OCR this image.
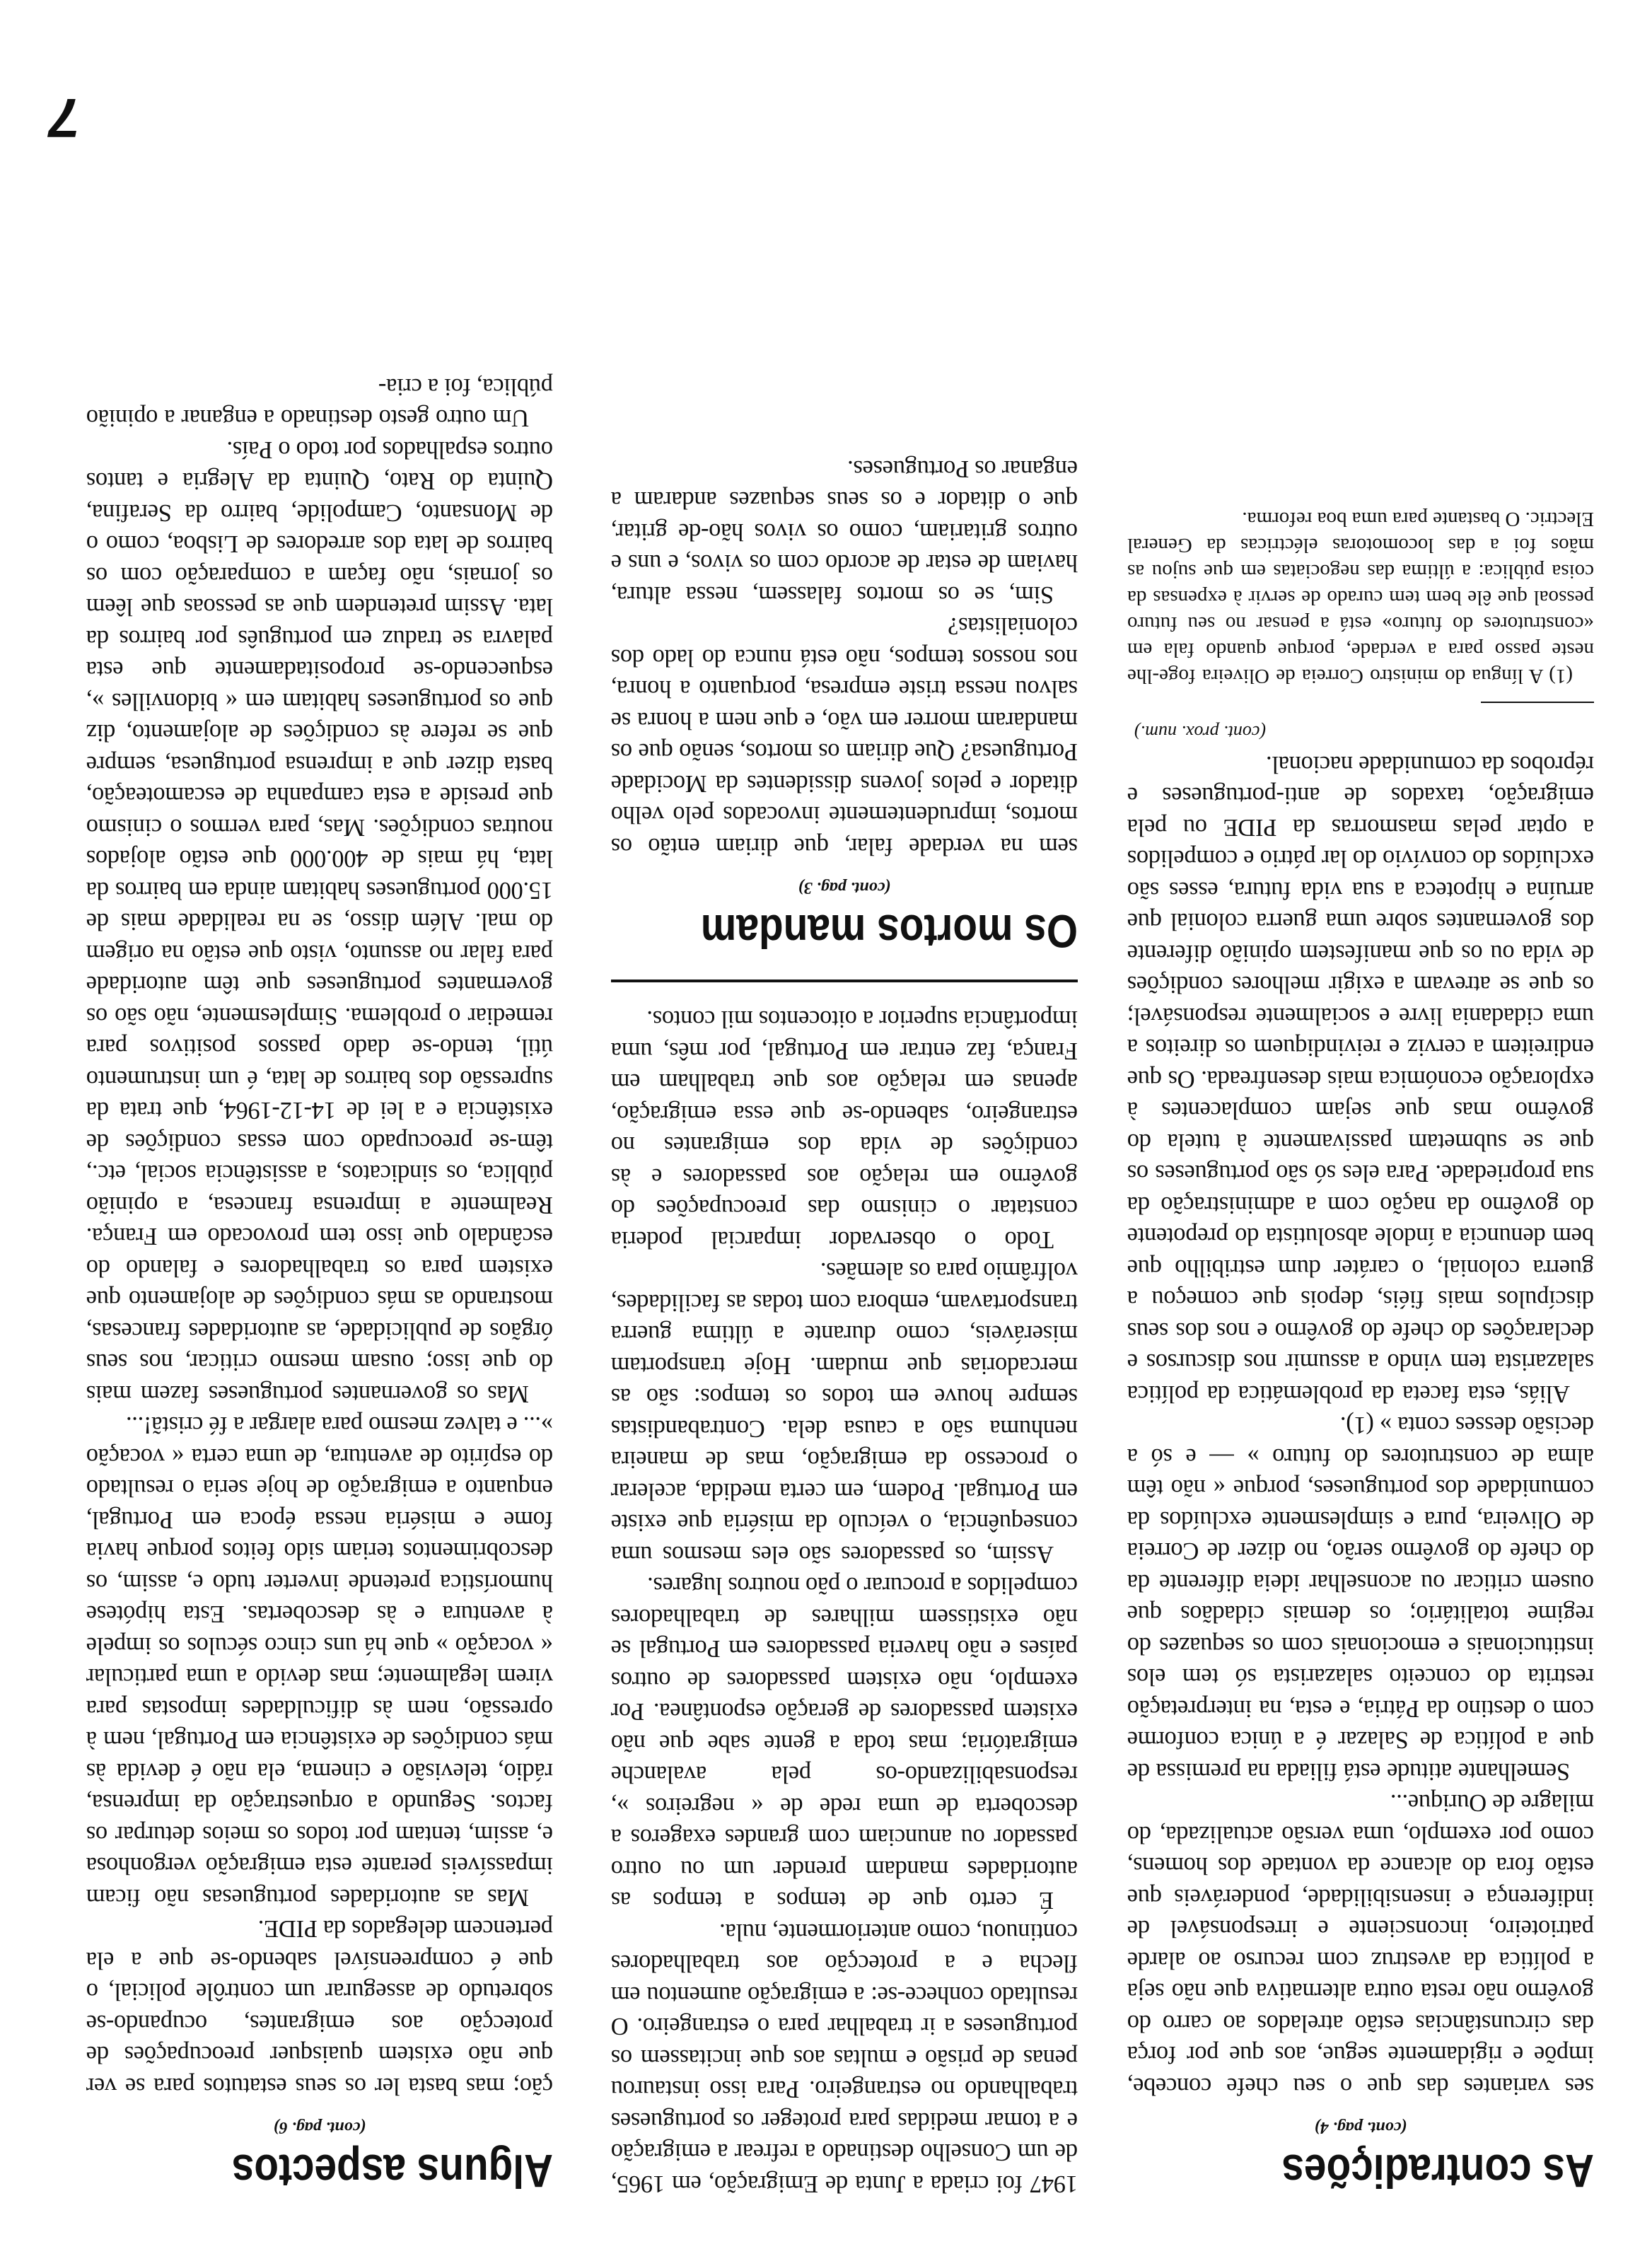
7
As contradições
(cont. pag. 4)

ses variantes das que o seu chefe concebe, impõe e rigidamente segue, aos que por força das circunstâncias estão atrelados ao carro do govêrno não resta outra alternativa que não seja a política da avestruz com recurso ao alarde patrioteiro, inconsciente e irresponsável de indiferença e insensibilidade, ponderáveis que estão fora do alcance da vontade dos homens, como por exemplo, uma versão actualizada, do milagre de Ourique...

Semelhante atitude está filiada na premissa de que a política de Salazar é a única conforme com o destino da Pátria, e esta, na interpretação restrita do conceito salazarista só tem elos institucionais e emocionais com os sequazes do regime totalitário; os demais cidadãos que ousem criticar ou aconselhar ideia diferente da do chefe do govêrno serão, no dizer de Correia de Oliveira, pura e simplesmente excluídos da comunidade dos portugueses, porque « não têm alma de construtores do futuro » — e só a decisão desses conta » (1).

Aliás, esta faceta da problemática da política salazarista tem vindo a assumir nos discursos e declarações do chefe do govêrno e nos dos seus discípulos mais fiéis, depois que começou a guerra colonial, o caráter dum estribilho que bem denuncia a índole absolutista do prepotente do govêrno da nação com a administração da sua propriedade. Para eles só são portugueses os que se submetam passivamente à tutela do govêrno mas que sejam complacentes à exploração económica mais desenfreada. Os que endireitem a cerviz e reivindiquem os direitos a uma cidadania livre e socialmente responsável; os que se atrevam a exigir melhores condições de vida ou os que manifestem opinião diferente dos governantes sobre uma guerra colonial que arruína e hipoteca a sua vida futura, esses são excluídos do convívio do lar pátrio e compelidos a optar pelas masmorras da PIDE ou pela emigração, taxados de anti-portugueses e réprobos da comunidade nacional.

(cont. prox. num.)

(1) A língua do ministro Correia de Oliveira foge-lhe neste passo para a verdade, porque quando fala em «construtores do futuro» está a pensar no seu futuro pessoal que êle bem tem curado de servir à expensas da coisa pública: a última das negociatas em que sujou as mãos foi a das locomotoras eléctricas da General Electric. O bastante para uma boa reforma.

1947 foi criada a Junta de Emigração, em 1965, de um Conselho destinado a refrear a emigração e a tomar medidas para proteger os portugueses trabalhando no estrangeiro. Para isso instaurou penas de prisão e multas aos que incitassem os portugueses a ir trabalhar para o estrangeiro. O resultado conhece-se: a emigração aumentou em flecha e a protecção aos trabalhadores continuou, como anteriormente, nula.

É certo que de tempos a tempos as autoridades mandam prender um ou outro passador ou anunciam com grandes exageros a descoberta de uma rede de « negreiros », responsabilizando-os pela avalanche emigratória; mas toda a gente sabe que não existem passadores de geração espontânea. Por exemplo, não existem passadores de outros países e não haveria passadores em Portugal se não existissem milhares de trabalhadores compelidos a procurar o pão noutros lugares.

Assim, os passadores são eles mesmos uma consequência, o veículo da miséria que existe em Portugal. Podem, em certa medida, acelerar o processo da emigração, mas de maneira nenhuma são a causa dela. Contrabandistas sempre houve em todos os tempos: são as mercadorias que mudam. Hoje transportam miseráveis, como durante a última guerra transportavam, embora com todas as facilidades, volfrâmio para os alemães.

Todo o observador imparcial poderia constatar o cinismo das preocupações do govêrno em relação aos passadores e às condições de vida dos emigrantes no estrangeiro, sabendo-se que essa emigração, apenas em relação aos que trabalham em França, faz entrar em Portugal, por mês, uma importância superior a oitocentos mil contos.

Os mortos mandam
(cont. pag. 3)

sem na verdade falar, que diriam então os mortos, imprudentemente invocados pelo velho ditador e pelos jovens dissidentes da Mocidade Portuguesa? Que diriam os mortos, senão que os mandaram morrer em vão, e que nem a honra se salvou nessa triste empresa, porquanto a honra, nos nossos tempos, não está nunca do lado dos colonialistas?

Sim, se os mortos falassem, nessa altura, haviam de estar de acordo com os vivos, e uns e outros gritariam, como os vivos hão-de gritar, que o ditador e os seus sequazes andaram a enganar os Portugueses.

Alguns aspectos
(cont. pag. 6)

ção; mas basta ler os seus estatutos para se ver que não existem quaisquer preocupações de protecção aos emigrantes, ocupando-se sobretudo de assegurar um contrôle policial, o que é compreensível sabendo-se que a ela pertencem delegados da PIDE.

Mas as autoridades portuguesas não ficam impassíveis perante esta emigração vergonhosa e, assim, tentam por todos os meios deturpar os factos. Segundo a orquestração da imprensa, rádio, televisão e cinema, ela não é devida às más condições de existência em Portugal, nem à opressão, nem às dificuldades impostas para virem legalmente; mas devido a uma particular « vocação » que há uns cinco séculos os impele à aventura e às descobertas. Esta hipótese humorística pretende inverter tudo e, assim, os descobrimentos teriam sido feitos porque havia fome e miséria nessa época em Portugal, enquanto a emigração de hoje seria o resultado do espírito de aventura, de uma certa « vocação »... e talvez mesmo para alargar a fé cristã!...

Mas os governantes portugueses fazem mais do que isso; ousam mesmo criticar, nos seus órgãos de publicidade, as autoridades francesas, mostrando as más condições de alojamento que existem para os trabalhadores e falando do escândalo que isso tem provocado em França. Realmente a imprensa francesa, a opinião pública, os sindicatos, a assistência social, etc., têm-se preocupado com essas condições de existência e a lei de 14-12-1964, que trata da supressão dos bairros de lata, é um instrumento útil, tendo-se dado passos positivos para remediar o problema. Simplesmente, não são os governantes portugueses que têm autoridade para falar no assunto, visto que estão na origem do mal. Além disso, se na realidade mais de 15.000 portugueses habitam ainda em bairros da lata, há mais de 400.000 que estão alojados noutras condições. Mas, para vermos o cinismo que preside a esta campanha de escamoteação, basta dizer que a imprensa portuguesa, sempre que se refere às condições de alojamento, diz que os portugueses habitam em « bidonvilles », esquecendo-se propositadamente que esta palavra se traduz em português por bairros da lata. Assim pretendem que as pessoas que lêem os jornais, não façam a comparação com os bairros de lata dos arredores de Lisboa, como o de Monsanto, Campolide, bairro da Serafina, Quinta do Rato, Quinta da Alegria e tantos outros espalhados por todo o País.

Um outro gesto destinado a enganar a opinião pública, foi a cria-
